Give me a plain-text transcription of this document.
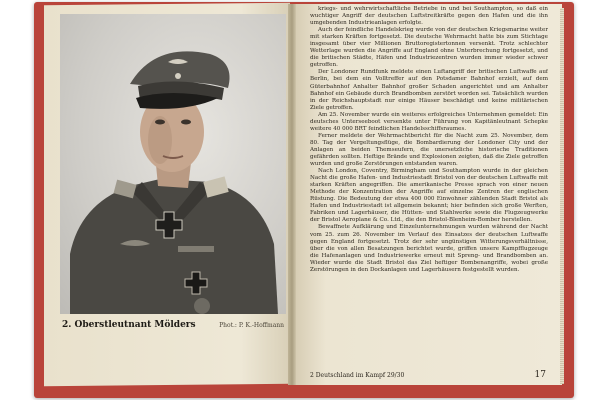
2. Oberstleutnant Mölders	Phot.: P. K.-Hoffmann

kriegs- und wehrwirtschaftliche Betriebe in und bei Southampton, so daß ein wuchtiger Angriff der deutschen Luftstreitkräfte gegen den Hafen und die ihn umgebenden Industrieanlagen erfolgte.

Auch der feindliche Handelskrieg wurde von der deutschen Kriegsmarine weiter mit starken Kräften fortgesetzt. Die deutsche Wehrmacht hatte bis zum Stichtage insgesamt über vier Millionen Bruttoregistertonnen versenkt. Trotz schlechter Wetterlage wurden die Angriffe auf England ohne Unterbrechung fortgesetzt, und die britischen Städte, Häfen und Industriezentren wurden immer wieder schwer getroffen.

Der Londoner Rundfunk meldete einen Luftangriff der britischen Luftwaffe auf Berlin, bei dem ein Volltreffer auf den Potsdamer Bahnhof erzielt, auf dem Güterbahnhof Anhalter Bahnhof großer Schaden angerichtet und am Anhalter Bahnhof ein Gebäude durch Brandbomben zerstört worden sei. Tatsächlich wurden in der Reichshauptstadt nur einige Häuser beschädigt und keine militärischen Ziele getroffen.

Am 25. November wurde ein weiteres erfolgreiches Unternehmen gemeldet: Ein deutsches Unterseeboot versenkte unter Führung von Kapitänleutnant Schepke weitere 40 000 BRT feindlichen Handelsschiffsraumes.

Ferner meldete der Wehrmachtbericht für die Nacht zum 25. November, dem 80. Tag der Vergeltungsflüge, die Bombardierung der Londoner City und der Anlagen an beiden Themseufern, die unersetzliche historische Traditionen gefährden sollten. Heftige Brände und Explosionen zeigten, daß die Ziele getroffen wurden und große Zerstörungen entstanden waren.

Nach London, Coventry, Birmingham und Southampton wurde in der gleichen Nacht die große Hafen- und Industriestadt Bristol von der deutschen Luftwaffe mit starken Kräften angegriffen. Die amerikanische Presse sprach von einer neuen Methode der Konzentration der Angriffe auf einzelne Zentren der englischen Rüstung. Die Bedeutung der etwa 400 000 Einwohner zählenden Stadt Bristol als Hafen und Industriestadt ist allgemein bekannt; hier befinden sich große Werften, Fabriken und Lagerhäuser, die Hütten- und Stahlwerke sowie die Flugzeugwerke der Bristol Aeroplane & Co. Ltd., die den Bristol-Blenheim-Bomber herstellen.

Bewaffnete Aufklärung und Einzelunternehmungen wurden während der Nacht vom 25. zum 26. November im Verlauf des Einsatzes der deutschen Luftwaffe gegen England fortgesetzt. Trotz der sehr ungünstigen Witterungsverhältnisse, über die von allen Besatzungen berichtet wurde, griffen unsere Kampfflugzeuge die Hafenanlagen und Industriewerke erneut mit Spreng- und Brandbomben an. Wieder wurde die Stadt Bristol das Ziel heftiger Bombenangriffe, wobei große Zerstörungen in den Dockanlagen und Lagerhäusern festgestellt wurden.

2 Deutschland im Kampf 29/30	17
